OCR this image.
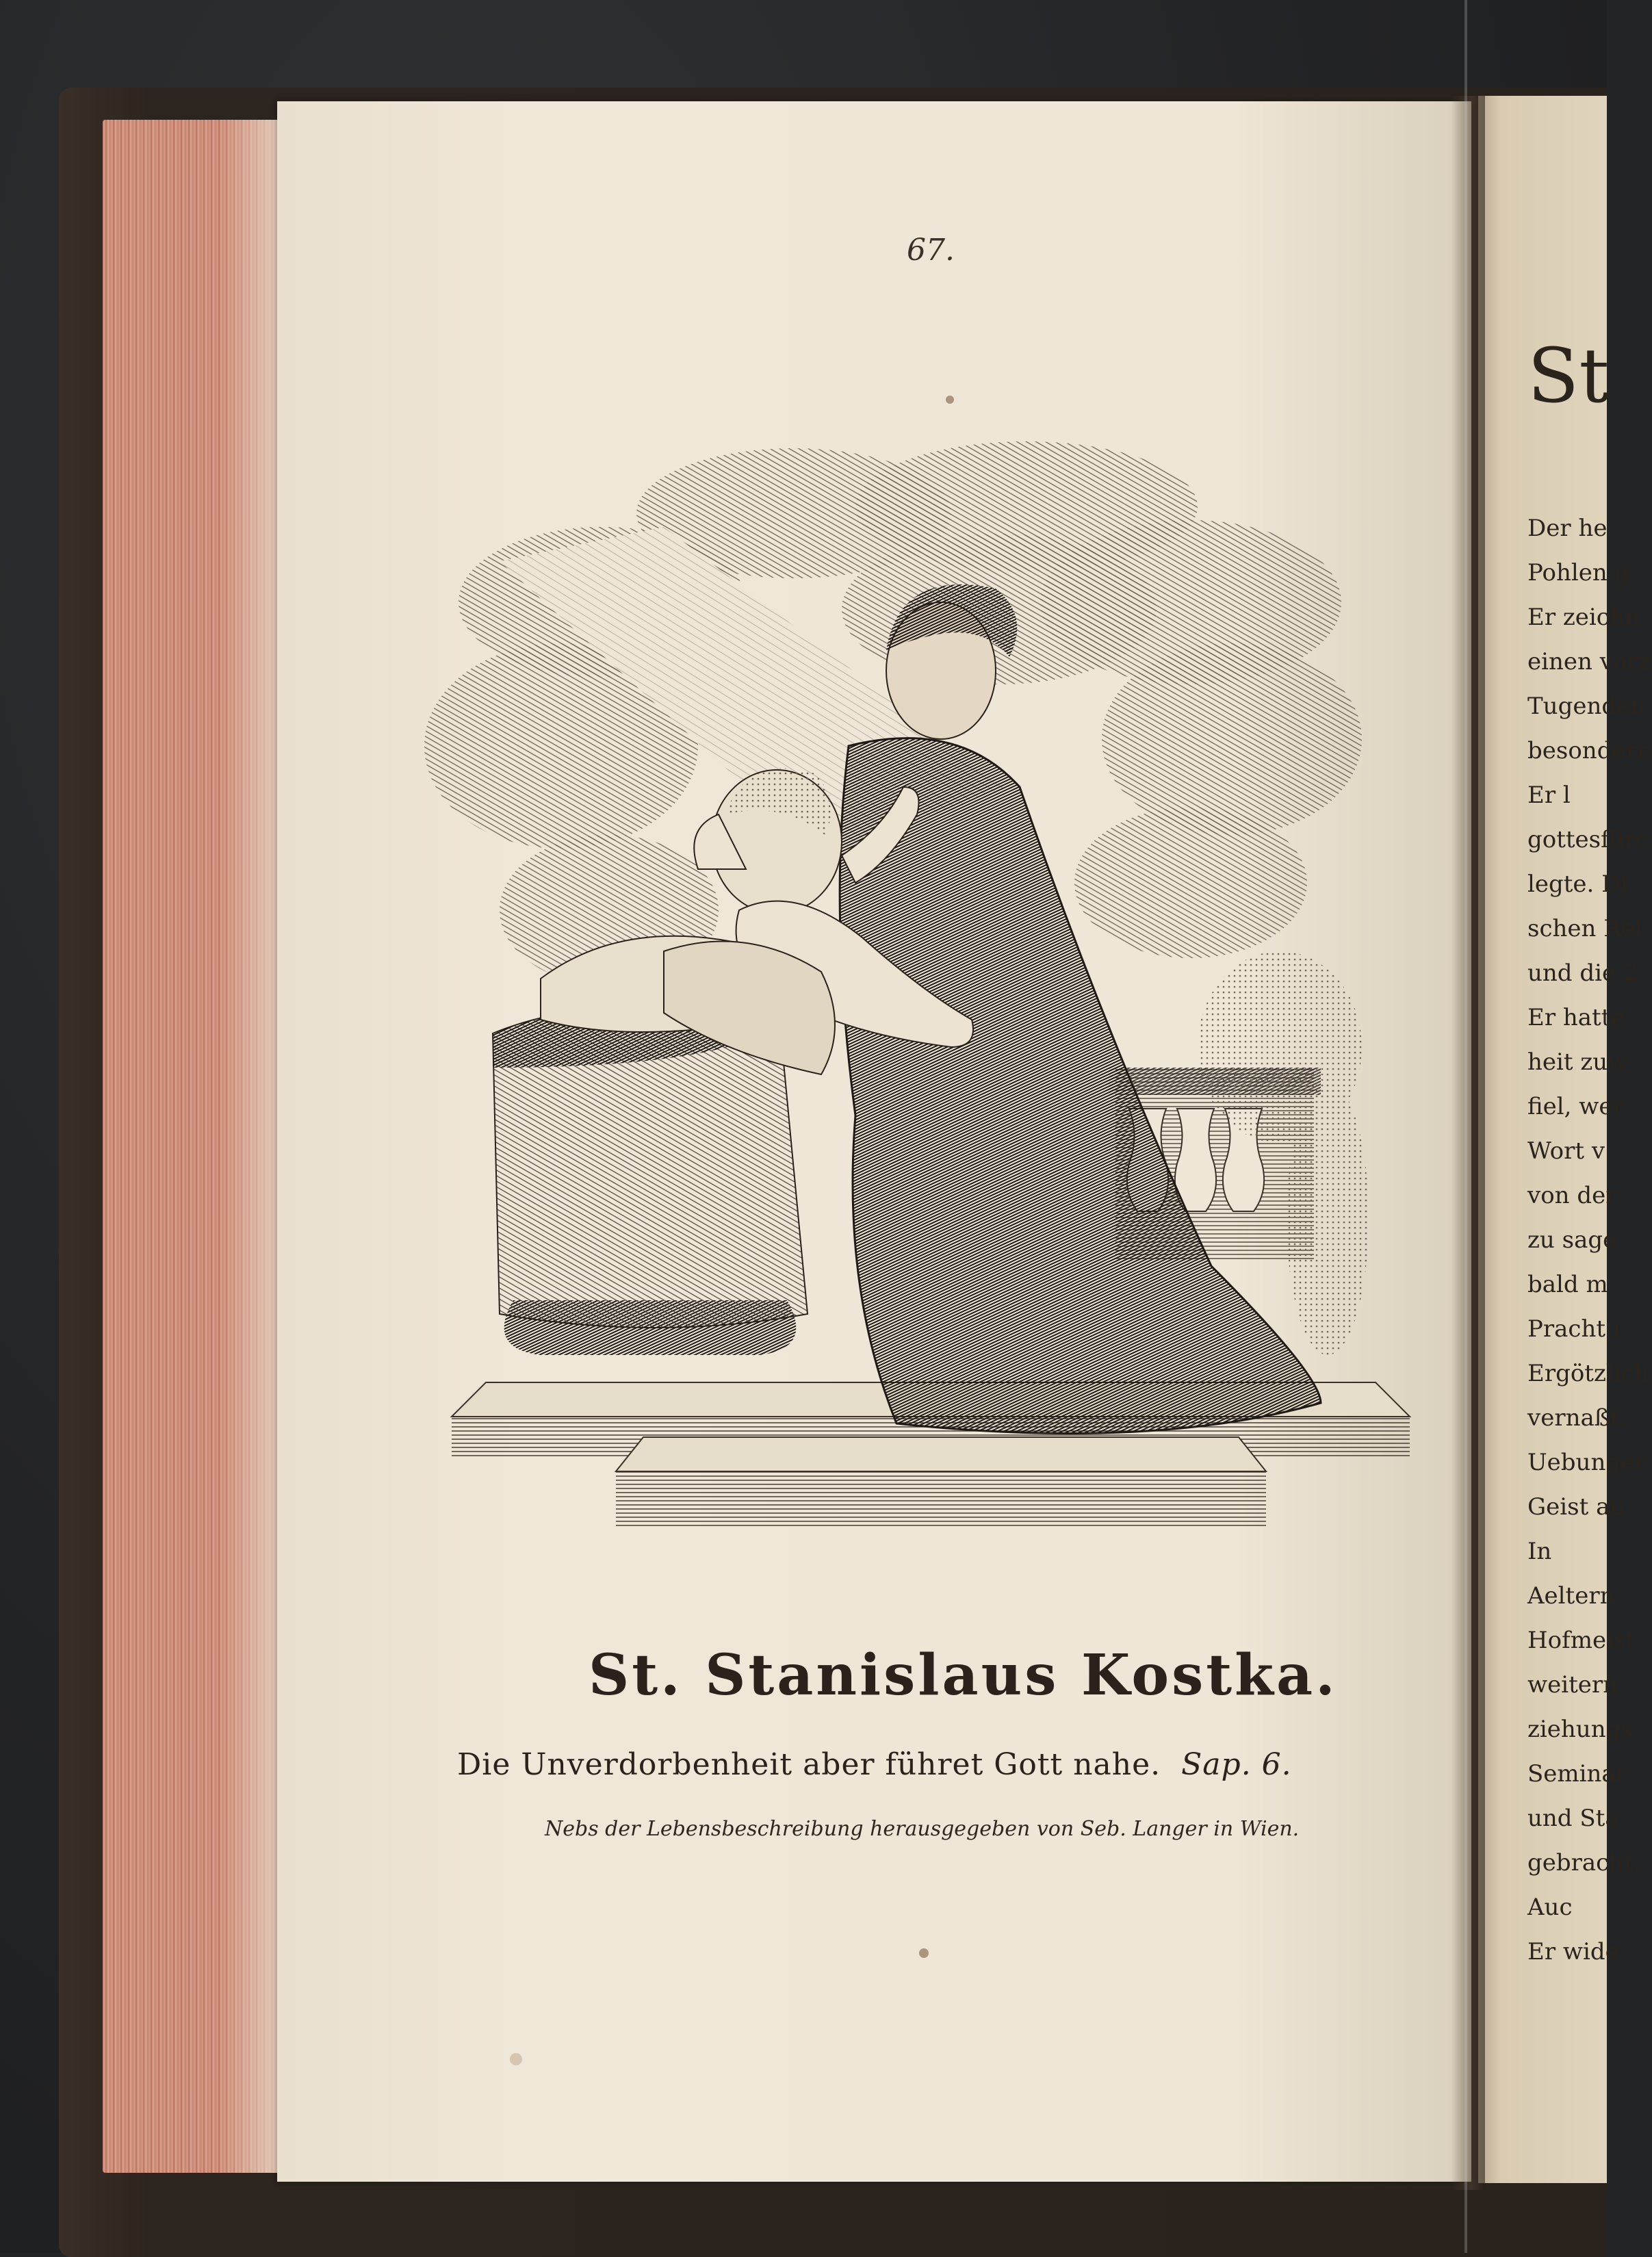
St
Der he
Pohlen g
Er zeichn
einen vorz
Tugenden
besondern
Er l
gottesfürc
legte. Di
schen Rei
und die 2
Er hatte
heit zuw
fiel, wer
Wort v
von der
zu sage
bald m
Pracht i
Ergötzlich
vernaßt.
Uebunger
Geist au
In
Aeltern
Hofmeist
weitern
ziehungs
Seminar
und Sta
gebracht.
Auc
Er wide
67.
St. Stanislaus Kostka.
Die Unverdorbenheit aber führet Gott nahe. Sap. 6.
Nebs der Lebensbeschreibung herausgegeben von Seb. Langer in Wien.
